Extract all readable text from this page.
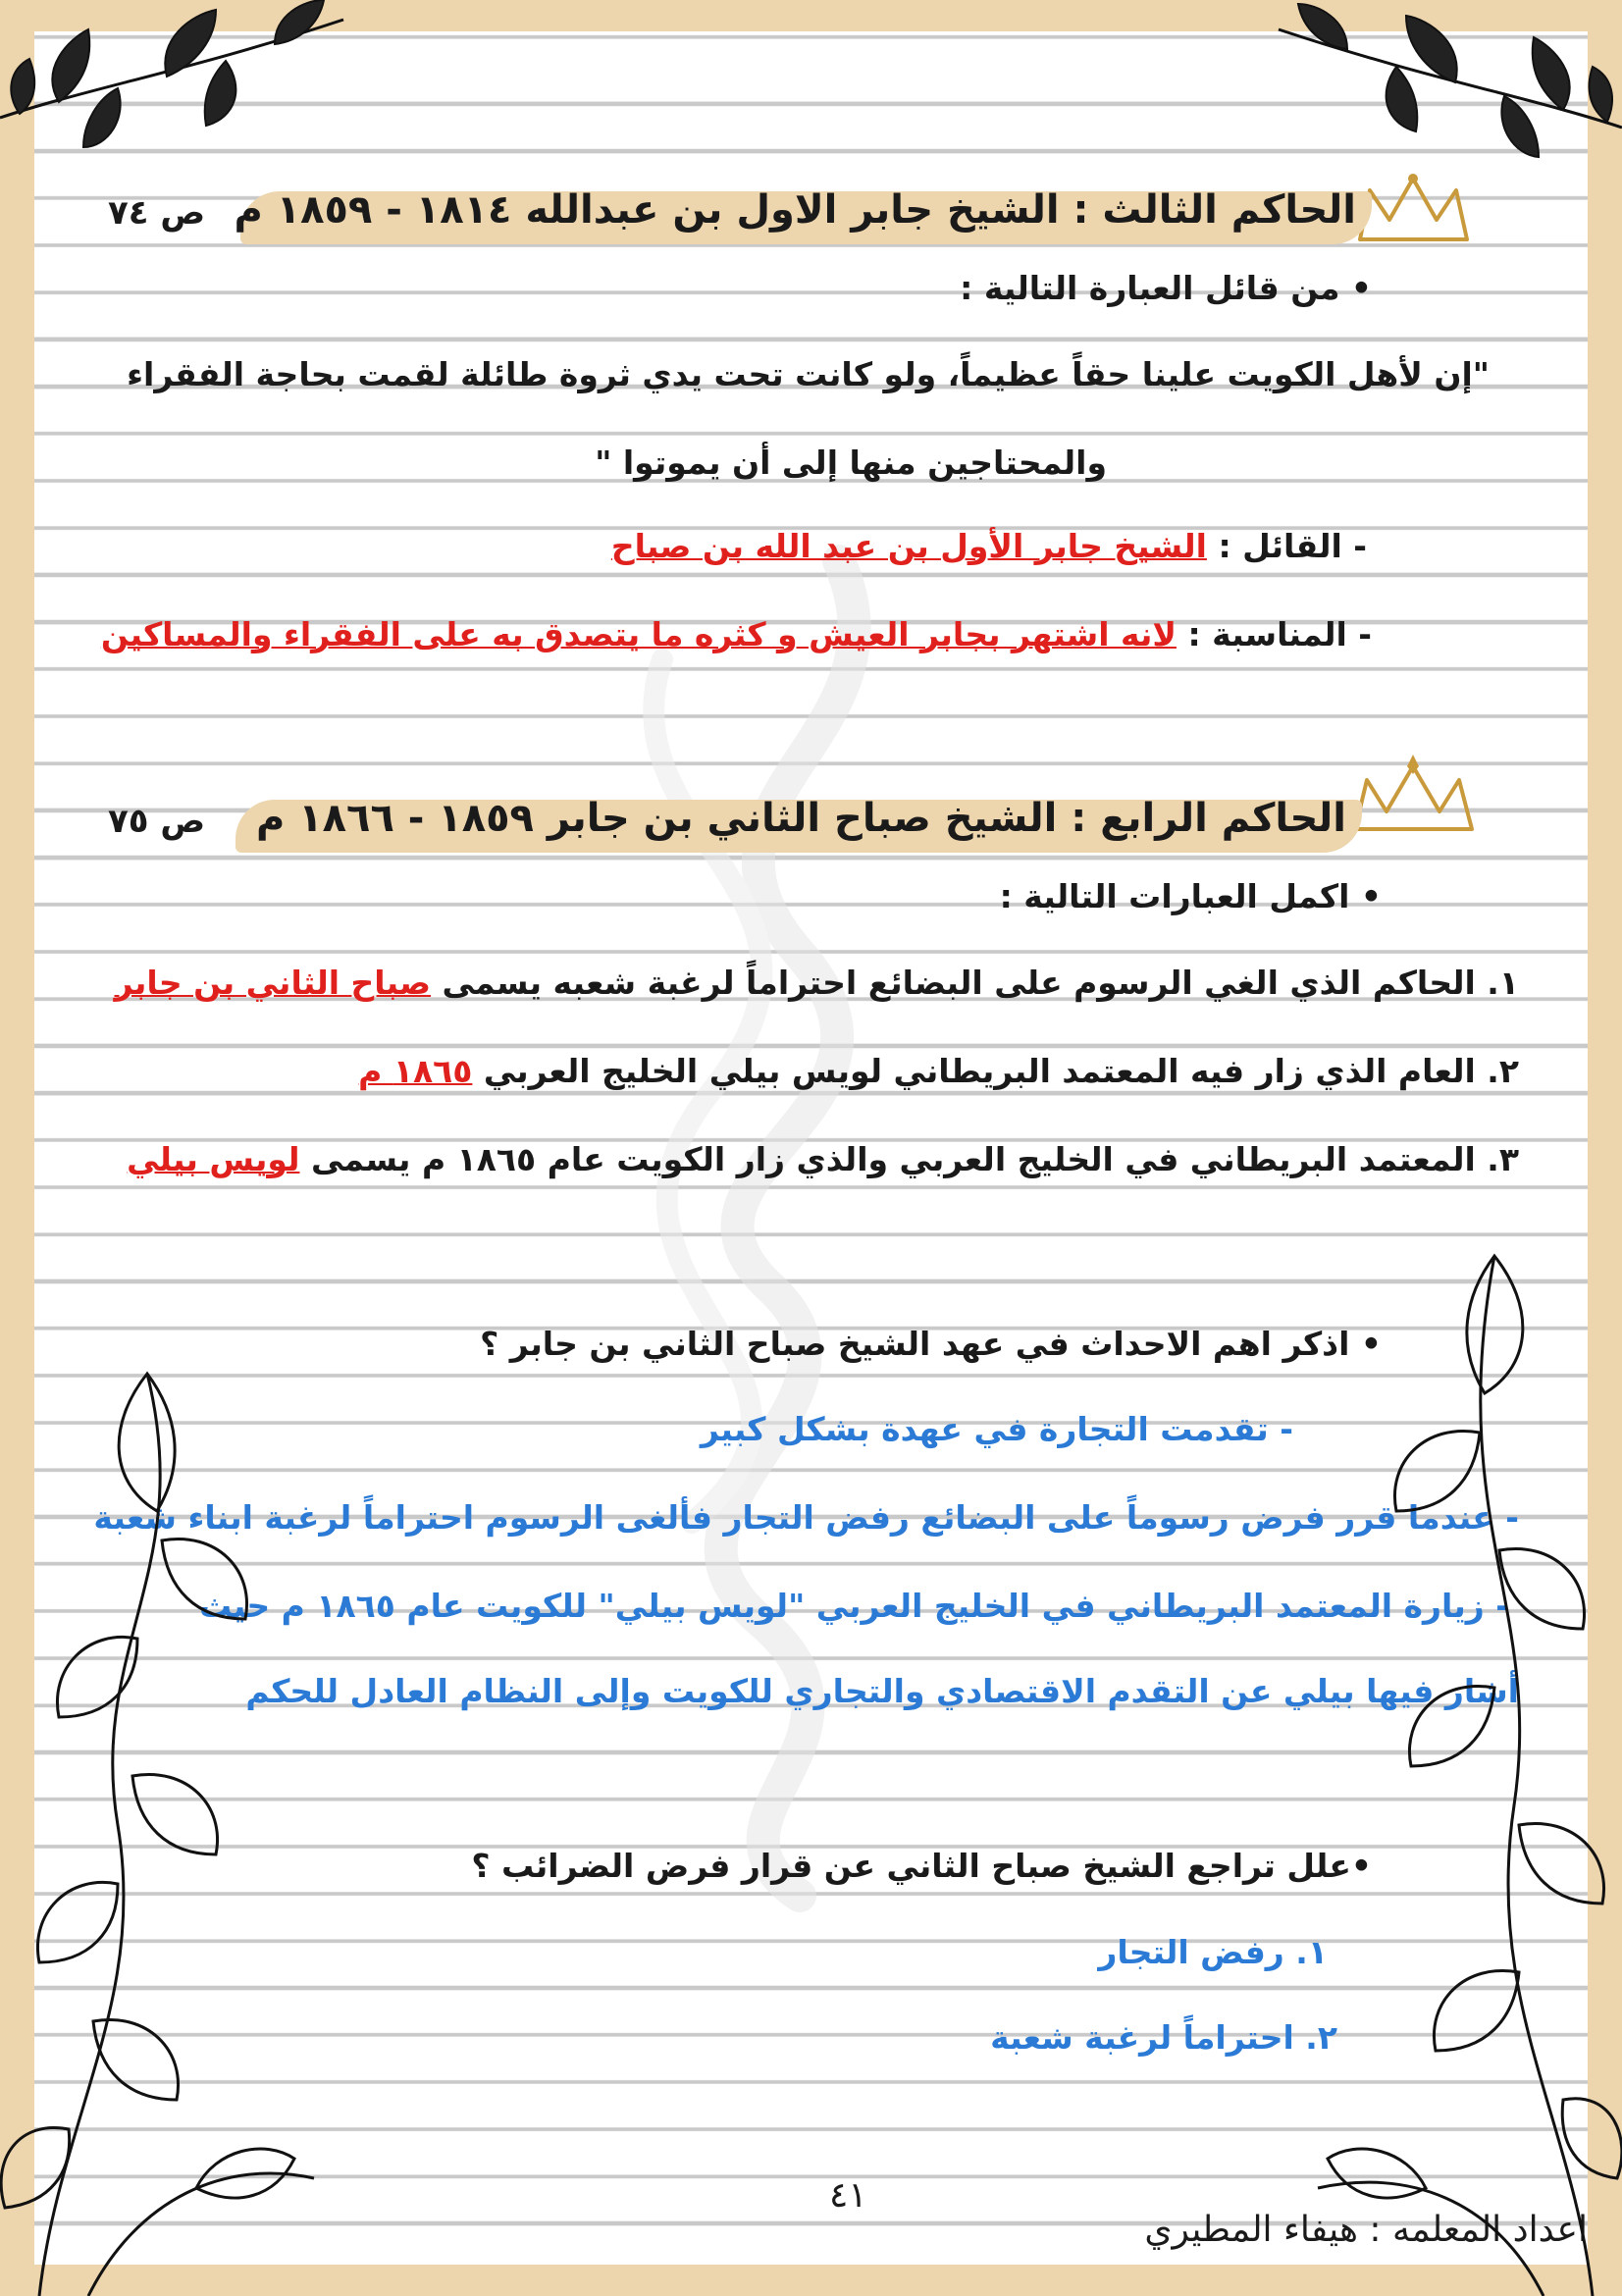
الحاكم الثالث : الشيخ جابر الاول بن عبدالله ١٨١٤ - ١٨٥٩ م
ص ٧٤
• من قائل العبارة التالية :
"إن لأهل الكويت علينا حقاً عظيماً، ولو كانت تحت يدي ثروة طائلة لقمت بحاجة الفقراء
والمحتاجين منها إلى أن يموتوا "
- القائل : الشيخ جابر الأول بن عبد الله بن صباح
- المناسبة : لانه اشتهر بجابر العيش و كثره ما يتصدق به على الفقراء والمساكين
الحاكم الرابع : الشيخ صباح الثاني بن جابر ١٨٥٩ - ١٨٦٦ م
ص ٧٥
• اكمل العبارات التالية :
١. الحاكم الذي الغي الرسوم على البضائع احتراماً لرغبة شعبه يسمى صباح الثاني بن جابر
٢. العام الذي زار فيه المعتمد البريطاني لويس بيلي الخليج العربي ١٨٦٥ م
٣. المعتمد البريطاني في الخليج العربي والذي زار الكويت عام ١٨٦٥ م يسمى لويس بيلي
• اذكر اهم الاحداث في عهد الشيخ صباح الثاني بن جابر ؟
- تقدمت التجارة في عهدة بشكل كبير
- عندما قرر فرض رسوماً على البضائع رفض التجار فألغى الرسوم احتراماً لرغبة ابناء شعبة
- زيارة المعتمد البريطاني في الخليج العربي "لويس بيلي" للكويت عام ١٨٦٥ م حيث
أشار فيها بيلي عن التقدم الاقتصادي والتجاري للكويت وإلى النظام العادل للحكم
•علل تراجع الشيخ صباح الثاني عن قرار فرض الضرائب ؟
١. رفض التجار
٢. احتراماً لرغبة شعبة
٤١
اعداد المعلمه : هيفاء المطيري
